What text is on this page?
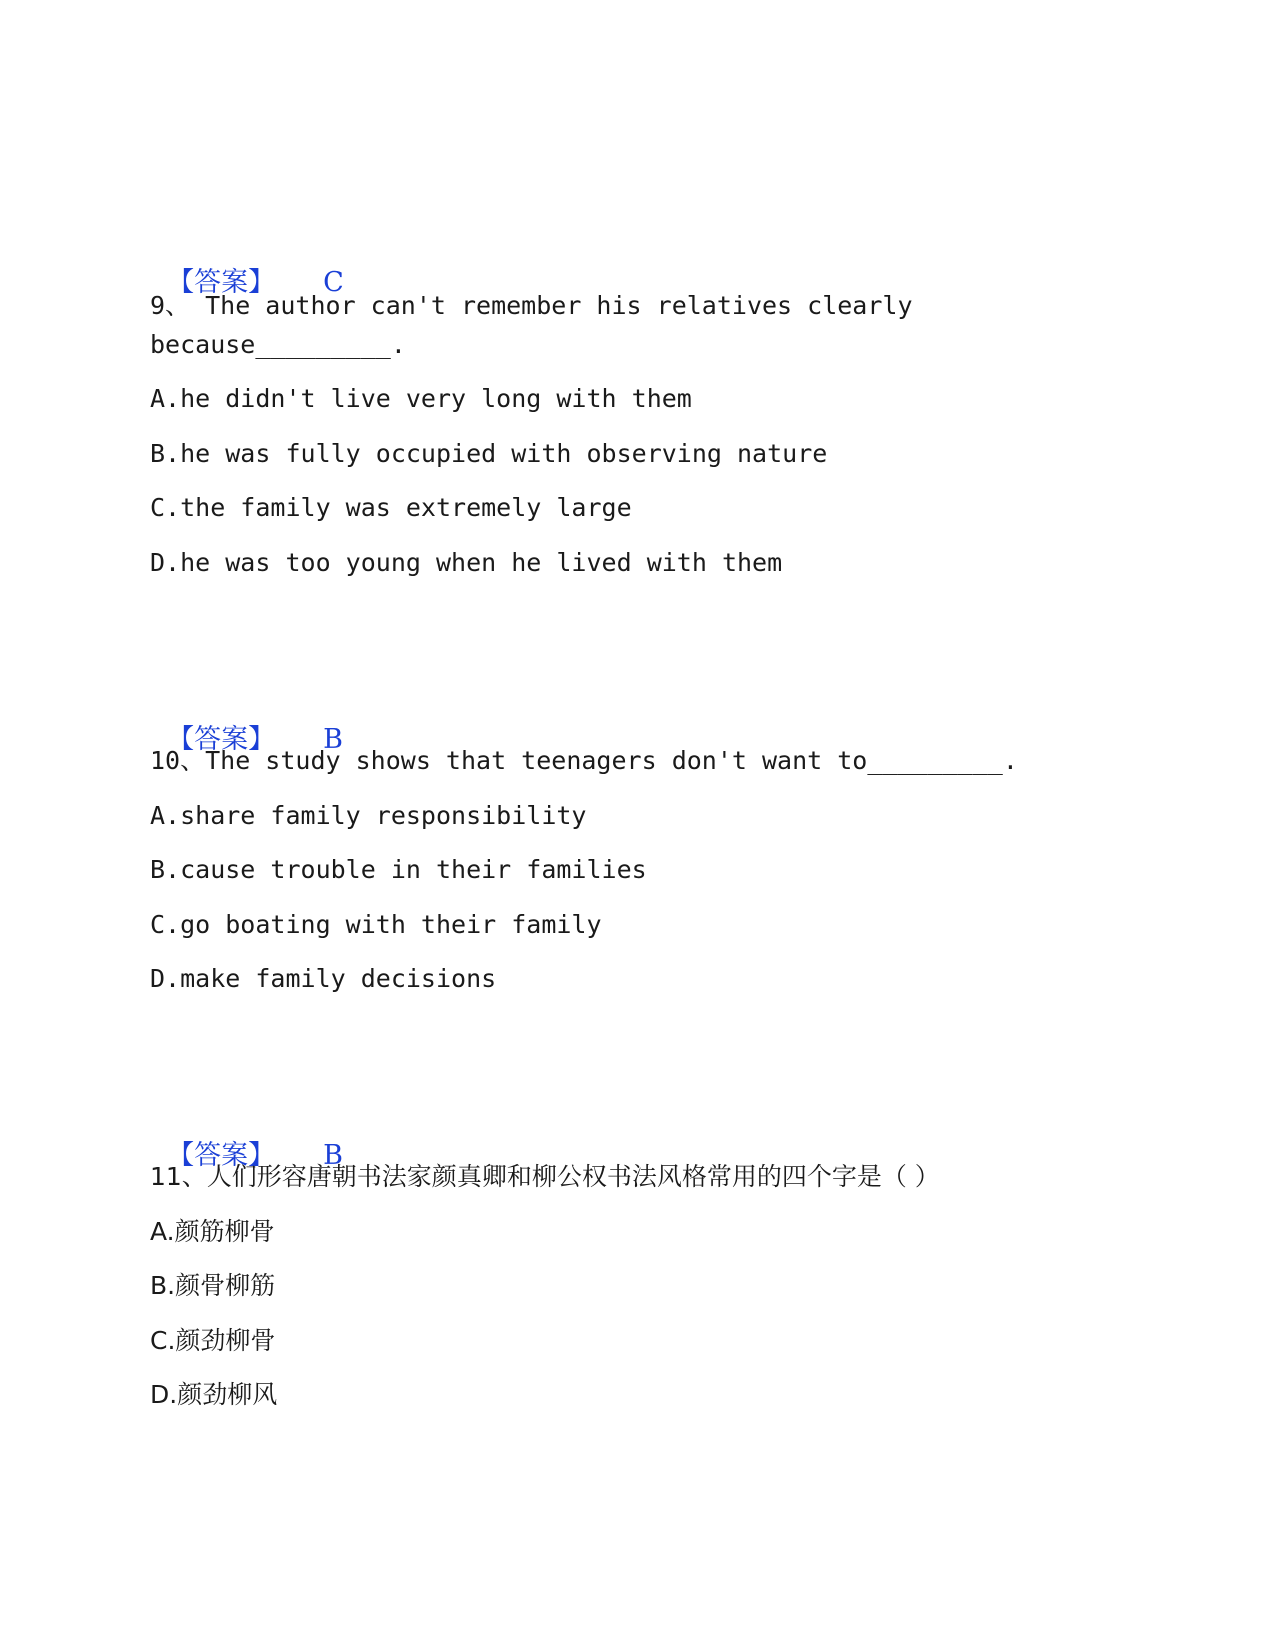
【答案】 C

9、 The author can't remember his relatives clearly
because_________.
A.he didn't live very long with them
B.he was fully occupied with observing nature
C.the family was extremely large
D.he was too young when he lived with them

【答案】 B

10、The study shows that teenagers don't want to_________.
A.share family responsibility
B.cause trouble in their families
C.go boating with their family
D.make family decisions

【答案】 B

11、人们形容唐朝书法家颜真卿和柳公权书法风格常用的四个字是（ ）
A.颜筋柳骨
B.颜骨柳筋
C.颜劲柳骨
D.颜劲柳风
